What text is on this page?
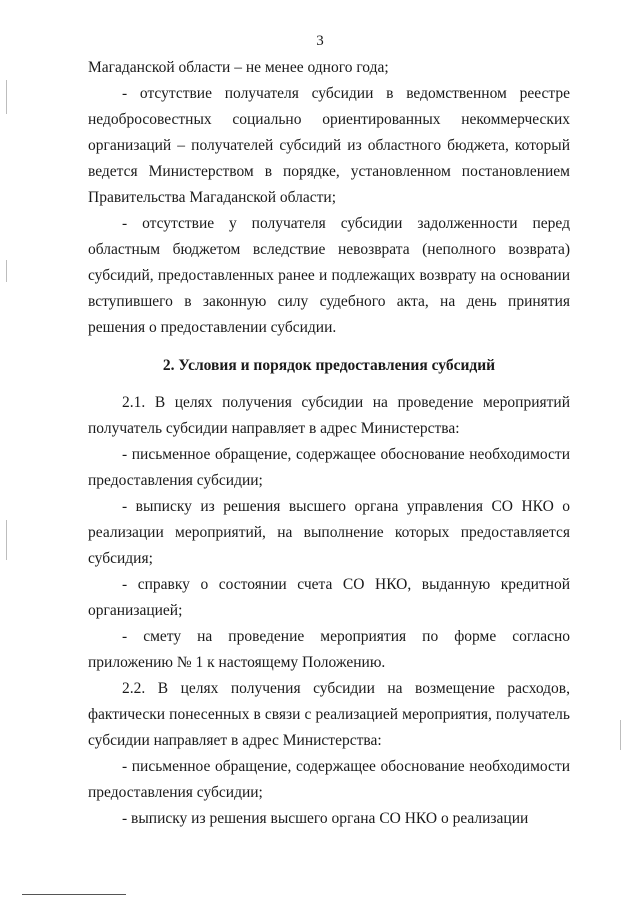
3

Магаданской области – не менее одного года;

- отсутствие получателя субсидии в ведомственном реестре недобросовестных социально ориентированных некоммерческих организаций – получателей субсидий из областного бюджета, который ведется Министерством в порядке, установленном постановлением Правительства Магаданской области;

- отсутствие у получателя субсидии задолженности перед областным бюджетом вследствие невозврата (неполного возврата) субсидий, предоставленных ранее и подлежащих возврату на основании вступившего в законную силу судебного акта, на день принятия решения о предоставлении субсидии.

2. Условия и порядок предоставления субсидий

2.1. В целях получения субсидии на проведение мероприятий получатель субсидии направляет в адрес Министерства:

- письменное обращение, содержащее обоснование необходимости предоставления субсидии;

- выписку из решения высшего органа управления СО НКО о реализации мероприятий, на выполнение которых предоставляется субсидия;

- справку о состоянии счета СО НКО, выданную кредитной организацией;

- смету на проведение мероприятия по форме согласно приложению № 1 к настоящему Положению.

2.2. В целях получения субсидии на возмещение расходов, фактически понесенных в связи с реализацией мероприятия, получатель субсидии направляет в адрес Министерства:

- письменное обращение, содержащее обоснование необходимости предоставления субсидии;

- выписку из решения высшего органа СО НКО о реализации
